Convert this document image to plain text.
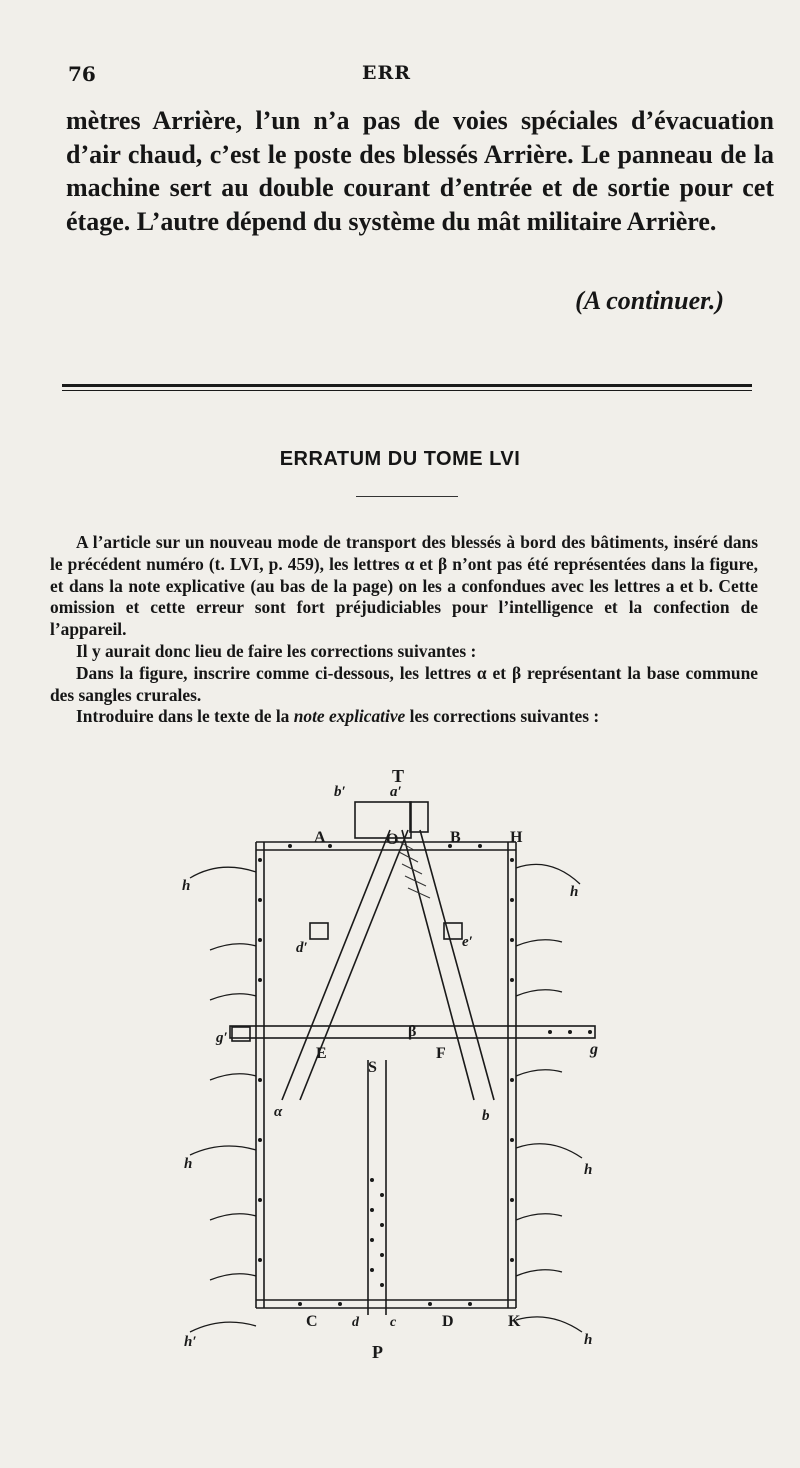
76	ERR
mètres Arrière, l’un n’a pas de voies spéciales d’évacuation d’air chaud, c’est le poste des blessés Arrière. Le panneau de la machine sert au double courant d’entrée et de sortie pour cet étage. L’autre dépend du système du mât militaire Arrière.
(A continuer.)
ERRATUM DU TOME LVI

A l’article sur un nouveau mode de transport des blessés à bord des bâtiments, inséré dans le précédent numéro (t. LVI, p. 459), les lettres α et β n’ont pas été représentées dans la figure, et dans la note explicative (au bas de la page) on les a confondues avec les lettres a et b. Cette omission et cette erreur sont fort préjudiciables pour l’intelligence et la confection de l’appareil.

Il y aurait donc lieu de faire les corrections suivantes :

Dans la figure, inscrire comme ci-dessous, les lettres α et β représentant la base commune des sangles crurales.

Introduire dans le texte de la note explicative les corrections suivantes :

T
A	O	B	H
b′	a′
d′	e′
g′
g
E
S
F
β
α	b
h	h
h	h
h′	h
C d c	D	K
P
